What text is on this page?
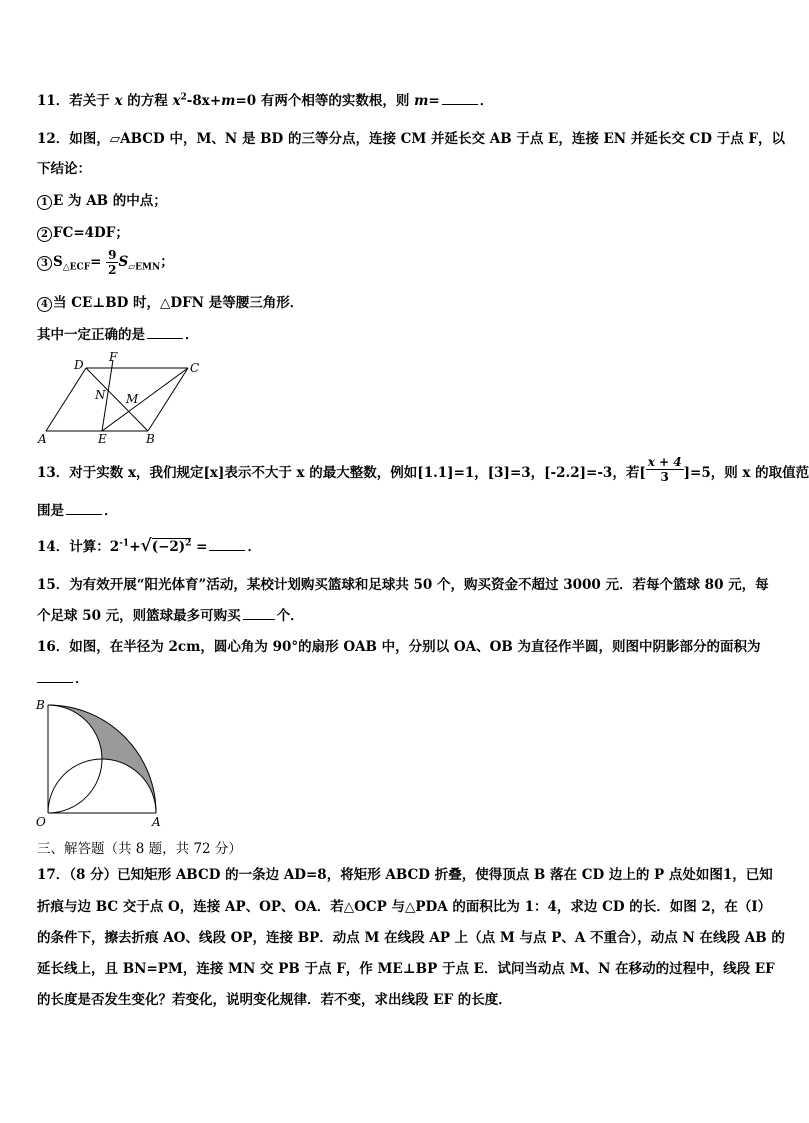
11．若关于 x 的方程 $x^2-8x+m=0$ 有两个相等的实数根，则 m=	．
12．如图，▱ABCD 中，M、N 是 BD 的三等分点，连接 CM 并延长交 AB 于点 E，连接 EN 并延长交 CD 于点 F，以
下结论：
1 E 为 AB 的中点；
2 FC=4DF；
3 $S_{\triangle ECF}= \frac{9}{2} S_{▱EMN}$；
4 当 CE⊥BD 时，△DFN 是等腰三角形．
其中一定正确的是	．
D
F
C
N M
A	E	B
13．对于实数 x，我们规定[x]表示不大于 x 的最大整数，例如[1.1]=1，[3]=3，[-2.2]=-3，若[ $\frac{x + 4}{3} ]=5$，则 x 的取值范
围是	．
14．计算：$2^{-1}+√(-2)^2$ =	．
15．为有效开展“阳光体育”活动，某校计划购买篮球和足球共 50 个，购买资金不超过 3000 元．若每个篮球 80 元，每
个足球 50 元，则篮球最多可购买	个．
16．如图，在半径为 2cm，圆心角为 90°的扇形 OAB 中，分别以 OA、OB 为直径作半圆，则图中阴影部分的面积为
．
B
O	A
三、解答题（共 8 题，共 72 分）
17．（8 分）已知矩形 ABCD 的一条边 AD=8，将矩形 ABCD 折叠，使得顶点 B 落在 CD 边上的 P 点处如图1，已知
折痕与边 BC 交于点 O，连接 AP、OP、OA．若△OCP 与△PDA 的面积比为 1：4，求边 CD 的长．如图 2，在（Ⅰ）
的条件下，擦去折痕 AO、线段 OP，连接 BP．动点 M 在线段 AP 上（点 M 与点 P、A 不重合），动点 N 在线段 AB 的
延长线上，且 BN=PM，连接 MN 交 PB 于点 F，作 ME⊥BP 于点 E．试问当动点 M、N 在移动的过程中，线段 EF
的长度是否发生变化？若变化，说明变化规律．若不变，求出线段 EF 的长度．
